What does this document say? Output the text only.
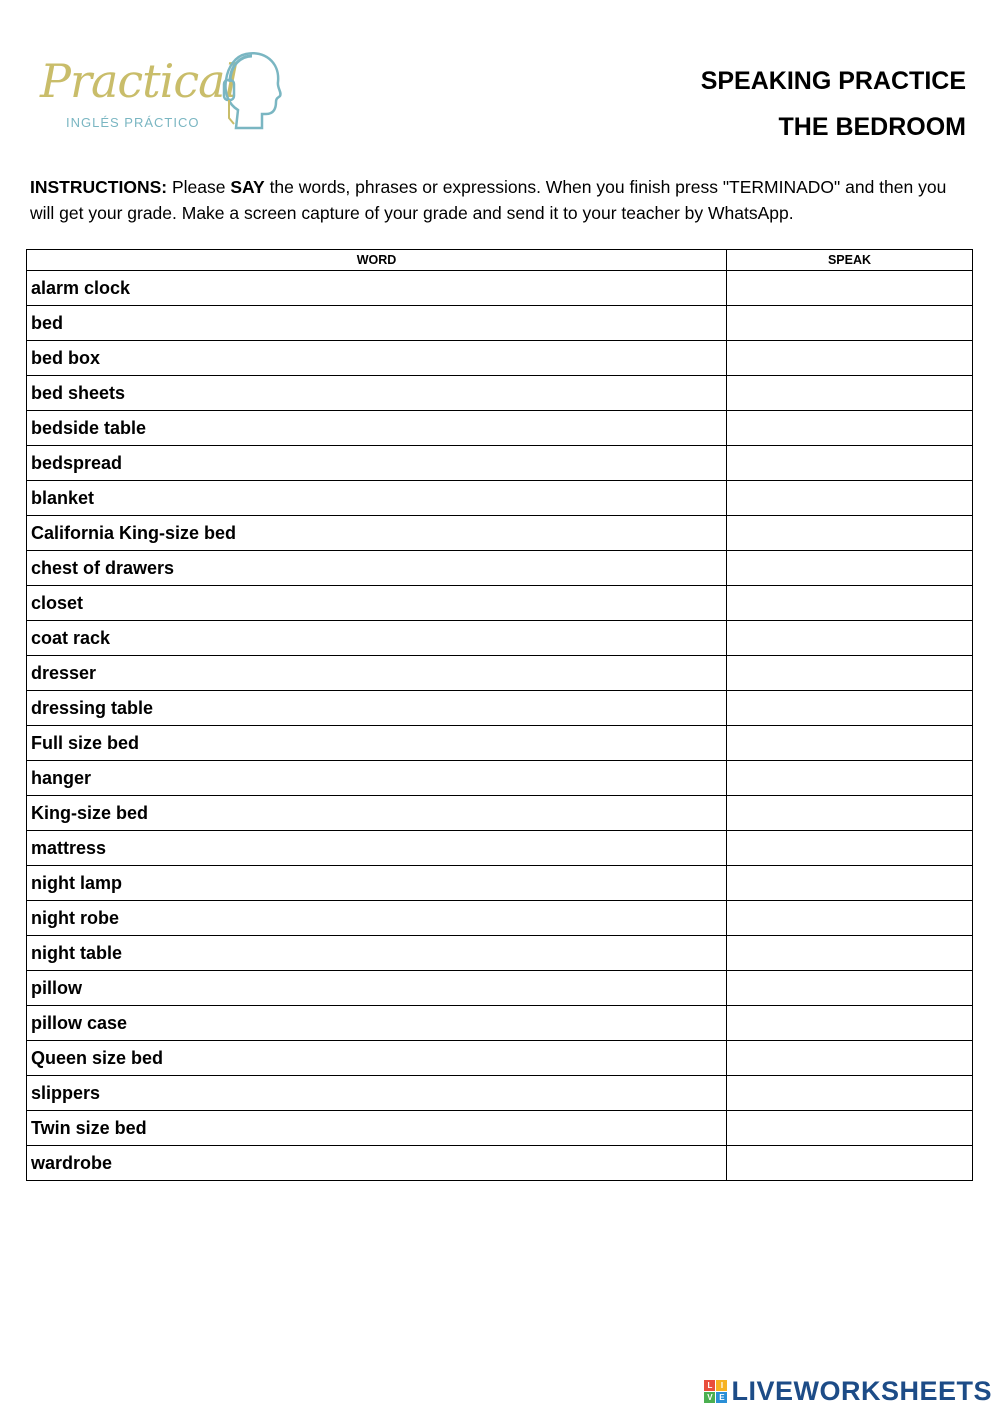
Practical
INGLÉS PRÁCTICO
SPEAKING PRACTICE
THE BEDROOM
INSTRUCTIONS: Please SAY the words, phrases or expressions. When you finish press "TERMINADO" and then you will get your grade. Make a screen capture of your grade and send it to your teacher by WhatsApp.
WORD	SPEAK
alarm clock	
bed	
bed box	
bed sheets	
bedside table	
bedspread	
blanket	
California King-size bed	
chest of drawers	
closet	
coat rack	
dresser	
dressing table	
Full size bed	
hanger	
King-size bed	
mattress	
night lamp	
night robe	
night table	
pillow	
pillow case	
Queen size bed	
slippers	
Twin size bed	
wardrobe	
L	I
V E LIVEWORKSHEETS
